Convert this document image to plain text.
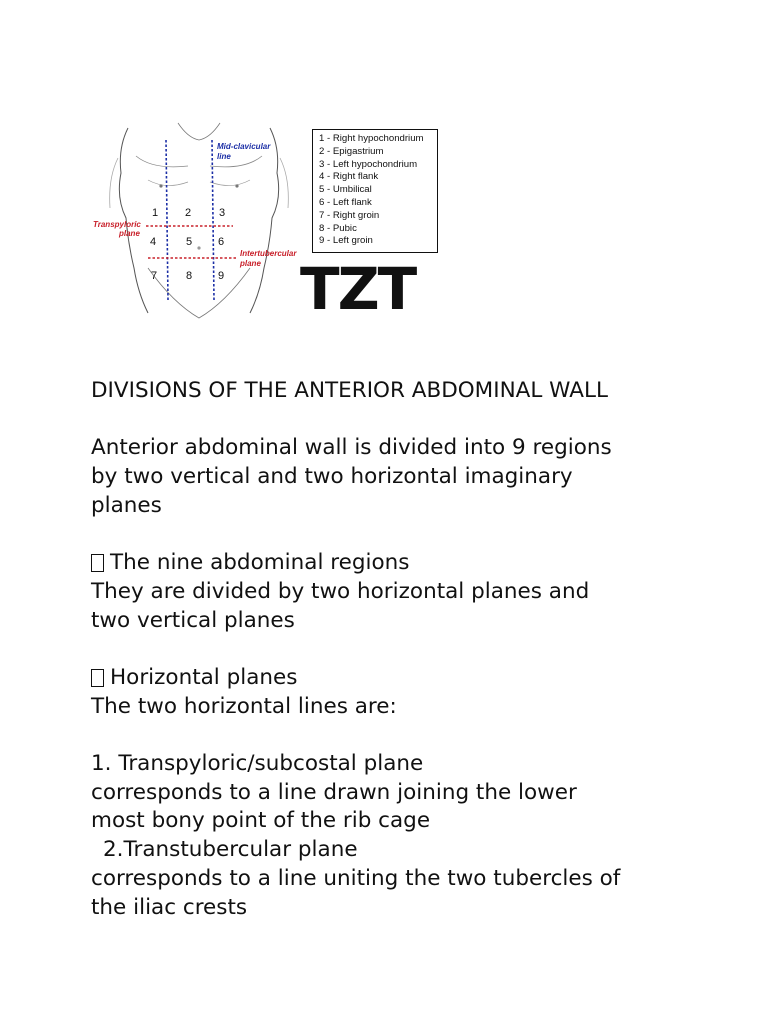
1 2	3
4	5 6
7	8 9
Mid-clavicular
line
Transpyloric
plane
Intertubercular
plane
1 - Right hypochondrium
2 - Epigastrium
3 - Left hypochondrium
4 - Right flank
5 - Umbilical
6 - Left flank
7 - Right groin
8 - Pubic
9 - Left groin
TZT

DIVISIONS OF THE ANTERIOR ABDOMINAL WALL

Anterior abdominal wall is divided into 9 regions

by two vertical and two horizontal imaginary

planes

The nine abdominal regions

They are divided by two horizontal planes and

two vertical planes

Horizontal planes

The two horizontal lines are:

1. Transpyloric/subcostal plane

corresponds to a line drawn joining the lower

most bony point of the rib cage

2.Transtubercular plane

corresponds to a line uniting the two tubercles of

the iliac crests
